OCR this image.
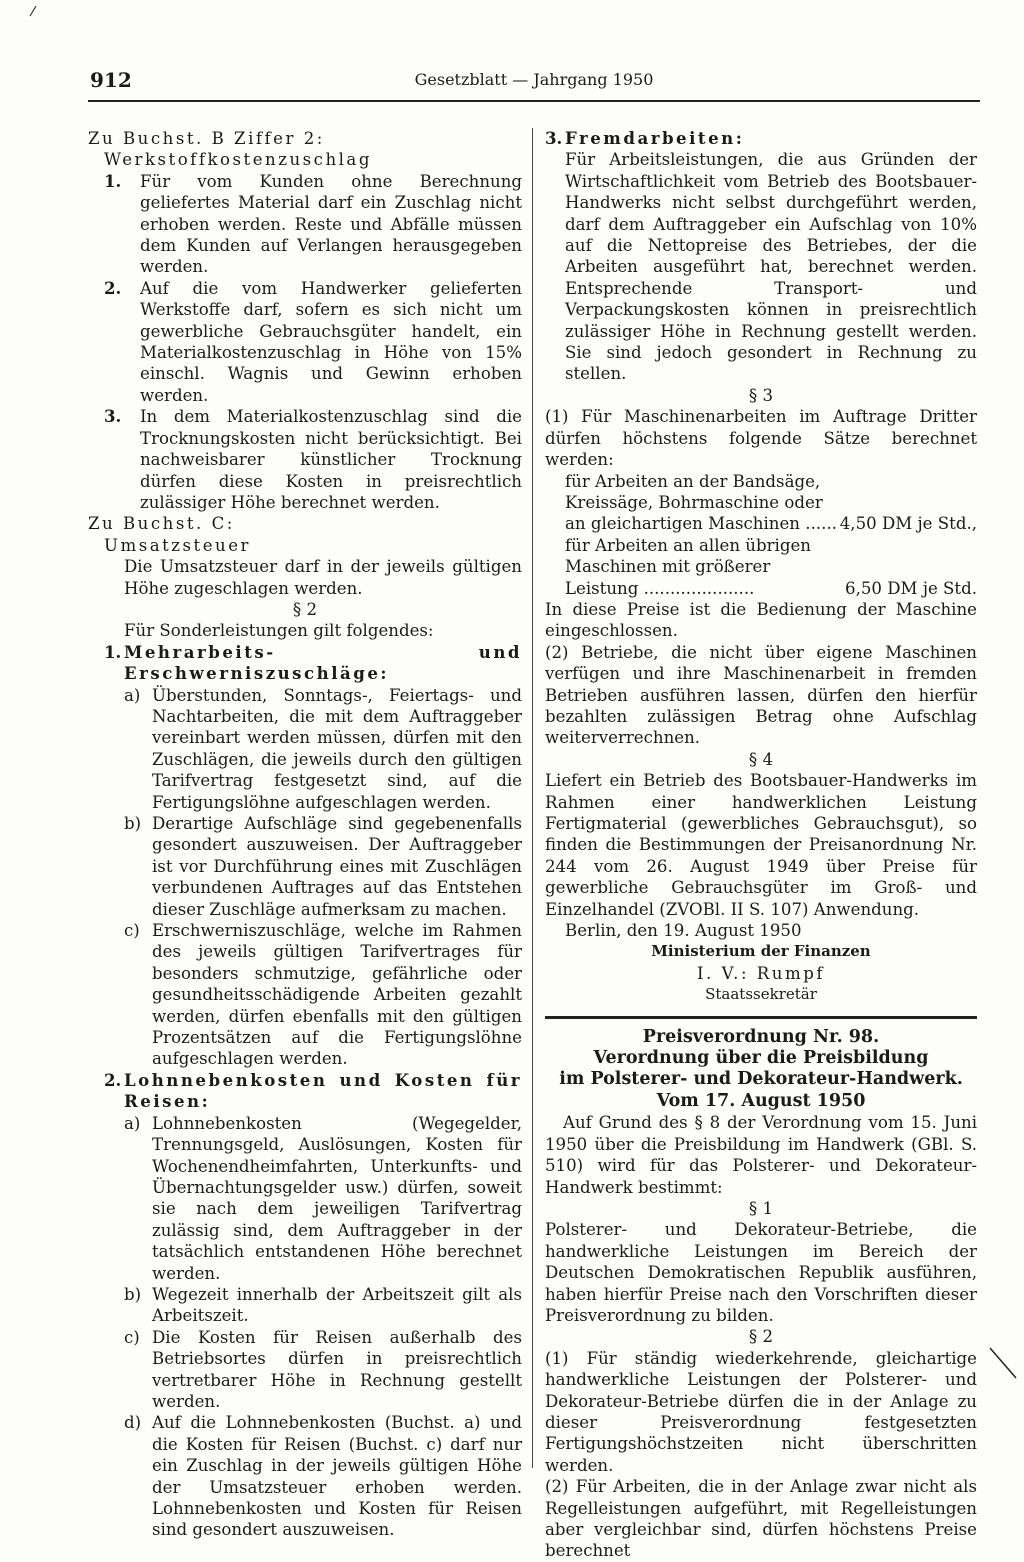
912	Gesetzblatt — Jahrgang 1950

Zu Buchst. B Ziffer 2:

Werkstoffkostenzuschlag

1.	Für vom Kunden ohne Berechnung geliefertes Material darf ein Zuschlag nicht erhoben werden. Reste und Abfälle müssen dem Kunden auf Verlangen herausgegeben werden.
2.	Auf die vom Handwerker gelieferten Werkstoffe darf, sofern es sich nicht um gewerbliche Gebrauchsgüter handelt, ein Materialkostenzuschlag in Höhe von 15% einschl. Wagnis und Gewinn erhoben werden.
3.	In dem Materialkostenzuschlag sind die Trocknungskosten nicht berücksichtigt. Bei nachweisbarer künstlicher Trocknung dürfen diese Kosten in preisrechtlich zulässiger Höhe berechnet werden.

Zu Buchst. C:

Umsatzsteuer

Die Umsatzsteuer darf in der jeweils gültigen Höhe zugeschlagen werden.

§ 2

Für Sonderleistungen gilt folgendes:

1. Mehrarbeits- und Erschwerniszuschläge:
a) Überstunden, Sonntags-, Feiertags- und Nachtarbeiten, die mit dem Auftraggeber vereinbart werden müssen, dürfen mit den Zuschlägen, die jeweils durch den gültigen Tarifvertrag festgesetzt sind, auf die Fertigungslöhne aufgeschlagen werden.
b) Derartige Aufschläge sind gegebenenfalls gesondert auszuweisen. Der Auftraggeber ist vor Durchführung eines mit Zuschlägen verbundenen Auftrages auf das Entstehen dieser Zuschläge aufmerksam zu machen.
c) Erschwerniszuschläge, welche im Rahmen des jeweils gültigen Tarifvertrages für besonders schmutzige, gefährliche oder gesundheitsschädigende Arbeiten gezahlt werden, dürfen ebenfalls mit den gültigen Prozentsätzen auf die Fertigungslöhne aufgeschlagen werden.
2. Lohnnebenkosten und Kosten für Reisen:
a) Lohnnebenkosten (Wegegelder, Trennungsgeld, Auslösungen, Kosten für Wochenendheimfahrten, Unterkunfts- und Übernachtungsgelder usw.) dürfen, soweit sie nach dem jeweiligen Tarifvertrag zulässig sind, dem Auftraggeber in der tatsächlich entstandenen Höhe berechnet werden.
b) Wegezeit innerhalb der Arbeitszeit gilt als Arbeitszeit.
c) Die Kosten für Reisen außerhalb des Betriebsortes dürfen in preisrechtlich vertretbarer Höhe in Rechnung gestellt werden.
d) Auf die Lohnnebenkosten (Buchst. a) und die Kosten für Reisen (Buchst. c) darf nur ein Zuschlag in der jeweils gültigen Höhe der Umsatzsteuer erhoben werden. Lohnnebenkosten und Kosten für Reisen sind gesondert auszuweisen.
3. Fremdarbeiten:

Für Arbeitsleistungen, die aus Gründen der Wirtschaftlichkeit vom Betrieb des Bootsbauer-Handwerks nicht selbst durchgeführt werden, darf dem Auftraggeber ein Aufschlag von 10% auf die Nettopreise des Betriebes, der die Arbeiten ausgeführt hat, berechnet werden. Entsprechende Transport- und Verpackungskosten können in preisrechtlich zulässiger Höhe in Rechnung gestellt werden. Sie sind jedoch gesondert in Rechnung zu stellen.

§ 3

(1) Für Maschinenarbeiten im Auftrage Dritter dürfen höchstens folgende Sätze berechnet werden:

für Arbeiten an der Bandsäge, Kreissäge, Bohrmaschine oder an gleichartigen Maschinen ...... 4,50 DM je Std.,
für Arbeiten an allen übrigen Maschinen mit größerer Leistung .....................	6,50 DM je Std.

In diese Preise ist die Bedienung der Maschine eingeschlossen.

(2) Betriebe, die nicht über eigene Maschinen verfügen und ihre Maschinenarbeit in fremden Betrieben ausführen lassen, dürfen den hierfür bezahlten zulässigen Betrag ohne Aufschlag weiterverrechnen.

§ 4

Liefert ein Betrieb des Bootsbauer-Handwerks im Rahmen einer handwerklichen Leistung Fertigmaterial (gewerbliches Gebrauchsgut), so finden die Bestimmungen der Preisanordnung Nr. 244 vom 26. August 1949 über Preise für gewerbliche Gebrauchsgüter im Groß- und Einzelhandel (ZVOBl. II S. 107) Anwendung.

Berlin, den 19. August 1950

Ministerium der Finanzen

I. V.: Rumpf

Staatssekretär

Preisverordnung Nr. 98.

Verordnung über die Preisbildung

im Polsterer- und Dekorateur-Handwerk.

Vom 17. August 1950

Auf Grund des § 8 der Verordnung vom 15. Juni 1950 über die Preisbildung im Handwerk (GBl. S. 510) wird für das Polsterer- und Dekorateur-Handwerk bestimmt:

§ 1

Polsterer- und Dekorateur-Betriebe, die handwerkliche Leistungen im Bereich der Deutschen Demokratischen Republik ausführen, haben hierfür Preise nach den Vorschriften dieser Preisverordnung zu bilden.

§ 2

(1) Für ständig wiederkehrende, gleichartige handwerkliche Leistungen der Polsterer- und Dekorateur-Betriebe dürfen die in der Anlage zu dieser Preisverordnung festgesetzten Fertigungshöchstzeiten nicht überschritten werden.

(2) Für Arbeiten, die in der Anlage zwar nicht als Regelleistungen aufgeführt, mit Regelleistungen aber vergleichbar sind, dürfen höchstens Preise berechnet
